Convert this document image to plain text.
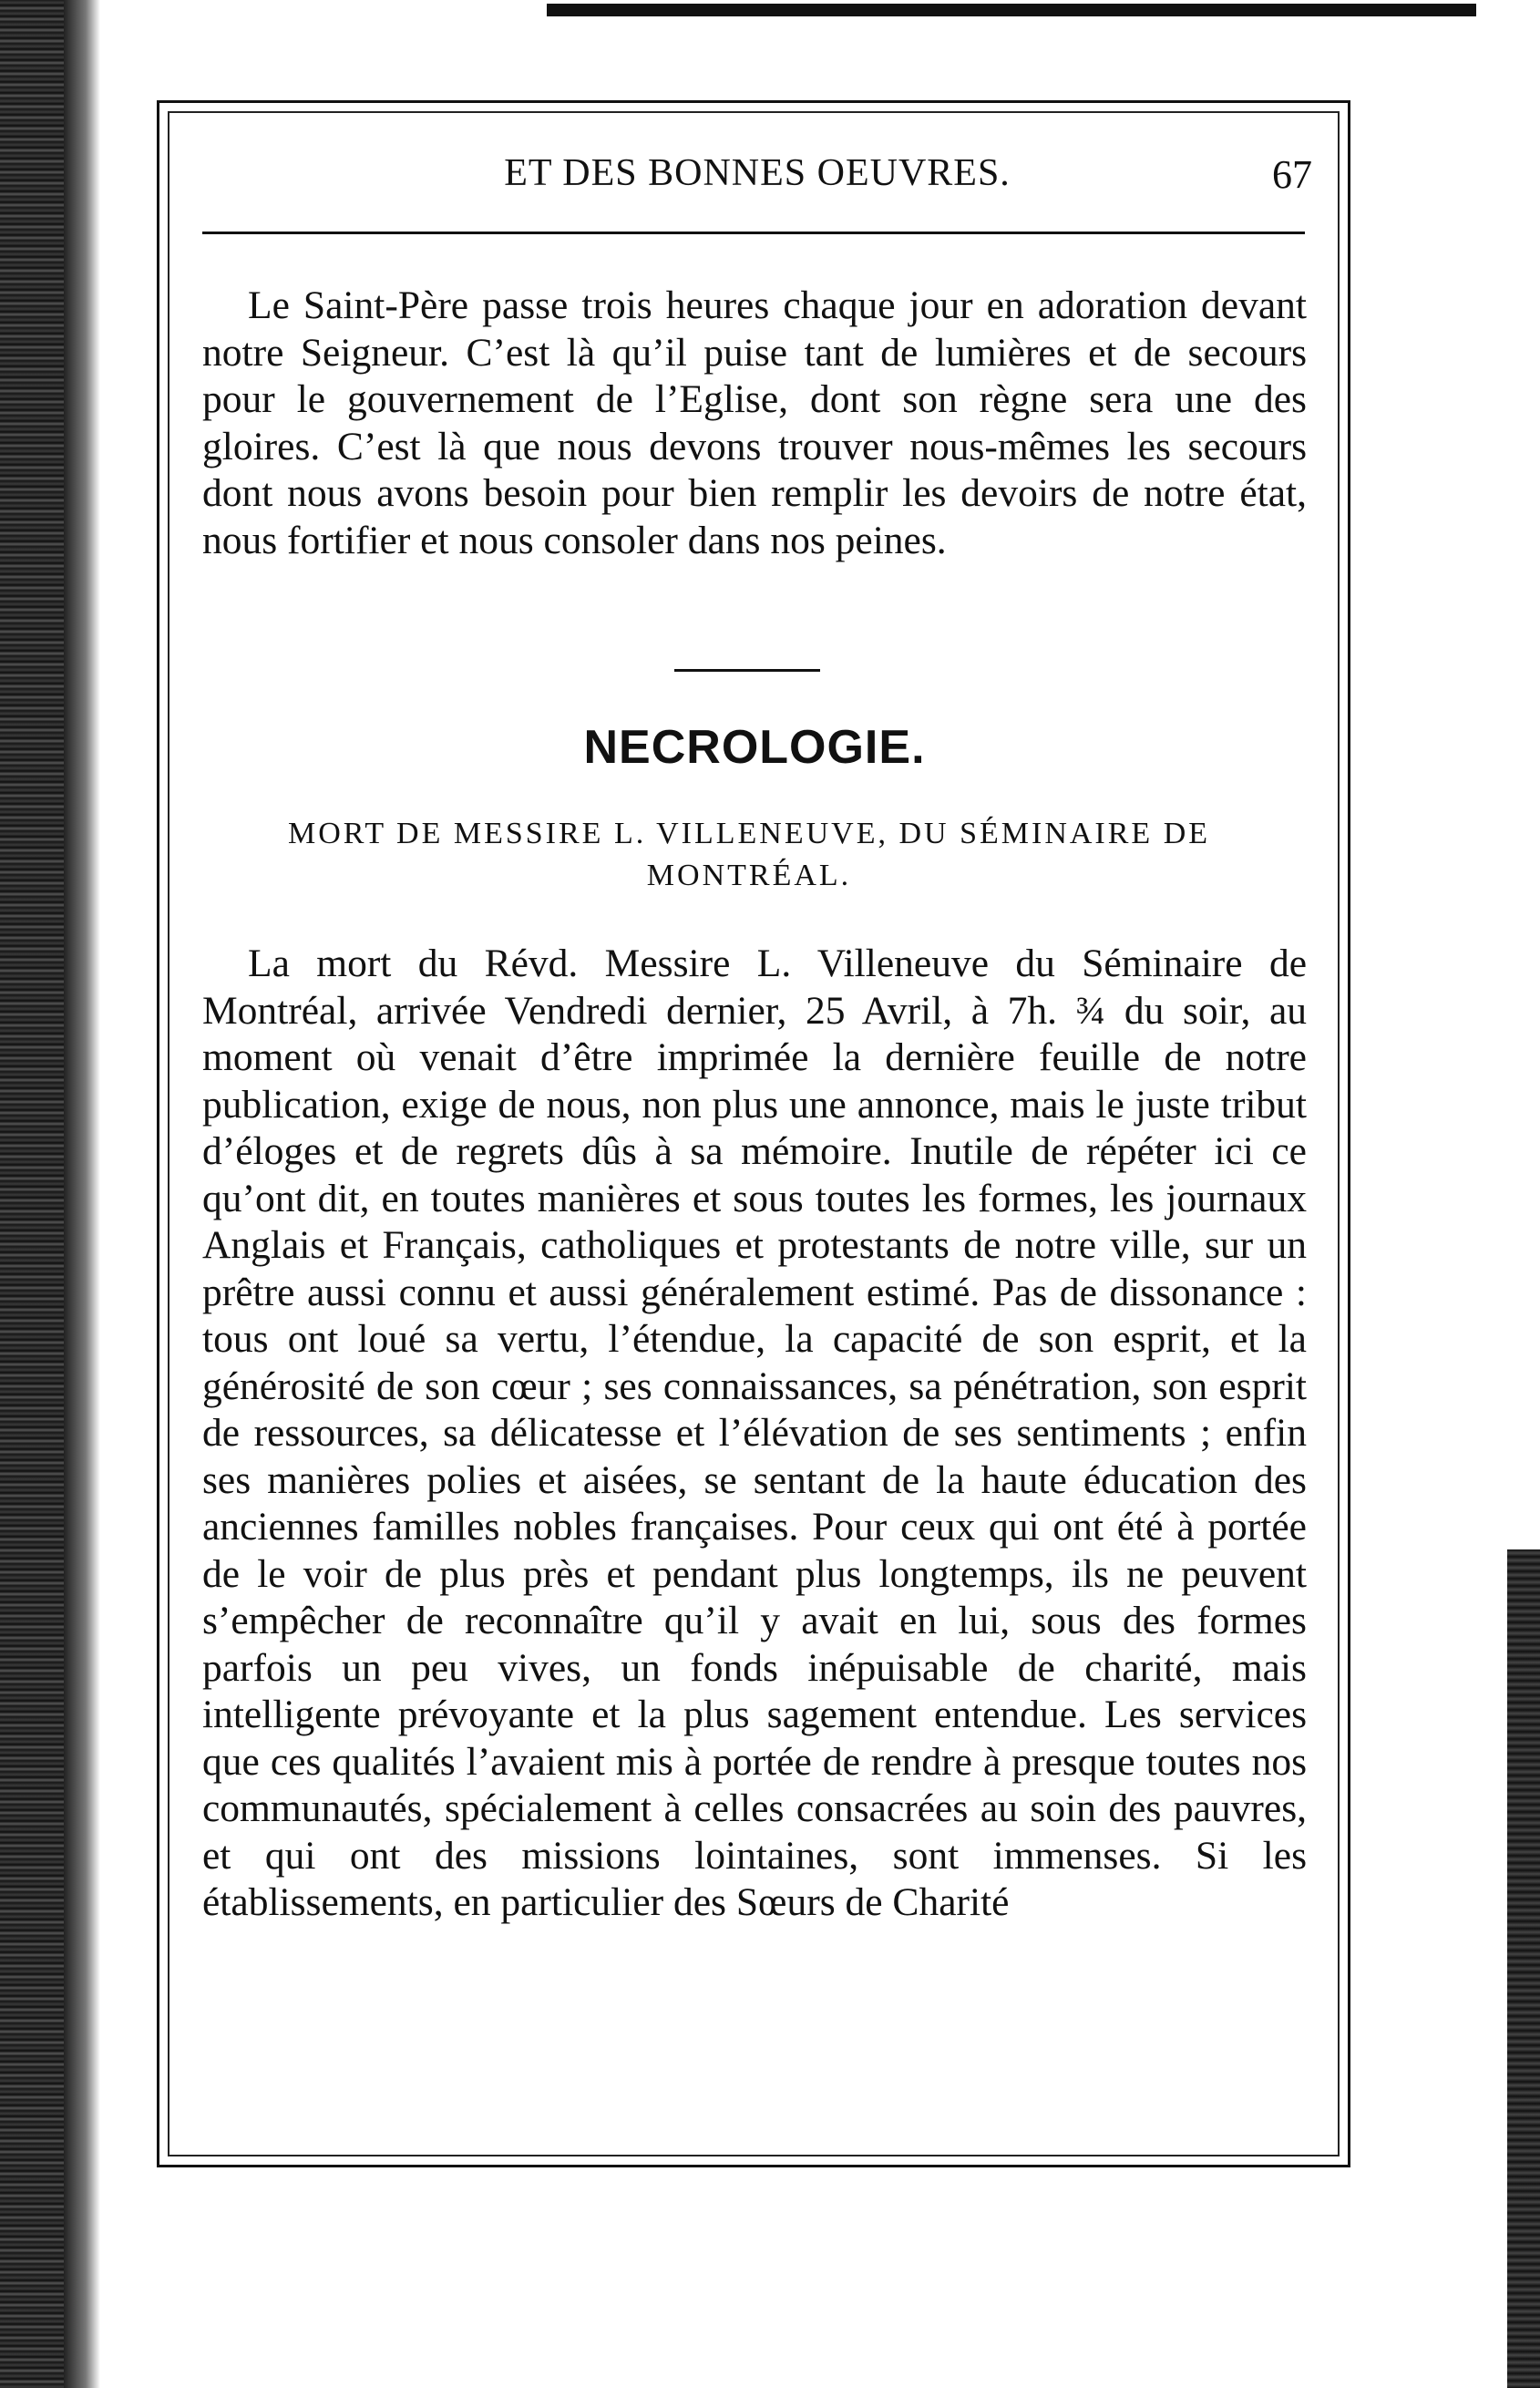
ET DES BONNES OEUVRES.	67

Le Saint-Père passe trois heures chaque jour en adoration devant notre Seigneur. C’est là qu’il puise tant de lumières et de secours pour le gouvernement de l’Eglise, dont son règne sera une des gloires. C’est là que nous devons trouver nous-mêmes les secours dont nous avons besoin pour bien remplir les devoirs de notre état, nous fortifier et nous consoler dans nos peines.

NECROLOGIE.
MORT DE MESSIRE L. VILLENEUVE, DU SÉMINAIRE DE MONTRÉAL.

La mort du Révd. Messire L. Villeneuve du Séminaire de Montréal, arrivée Vendredi dernier, 25 Avril, à 7h. ¾ du soir, au moment où venait d’être imprimée la dernière feuille de notre publication, exige de nous, non plus une annonce, mais le juste tribut d’éloges et de regrets dûs à sa mémoire. Inutile de répéter ici ce qu’ont dit, en toutes manières et sous toutes les formes, les journaux Anglais et Français, catholiques et protestants de notre ville, sur un prêtre aussi connu et aussi généralement estimé. Pas de dissonance : tous ont loué sa vertu, l’étendue, la capacité de son esprit, et la générosité de son cœur ; ses connaissances, sa pénétration, son esprit de ressources, sa délicatesse et l’élévation de ses sentiments ; enfin ses manières polies et aisées, se sentant de la haute éducation des anciennes familles nobles françaises. Pour ceux qui ont été à portée de le voir de plus près et pendant plus longtemps, ils ne peuvent s’empêcher de reconnaître qu’il y avait en lui, sous des formes parfois un peu vives, un fonds inépuisable de charité, mais intelligente prévoyante et la plus sagement entendue. Les services que ces qualités l’avaient mis à portée de rendre à presque toutes nos communautés, spécialement à celles consacrées au soin des pauvres, et qui ont des missions lointaines, sont immenses. Si les établissements, en particulier des Sœurs de Charité
